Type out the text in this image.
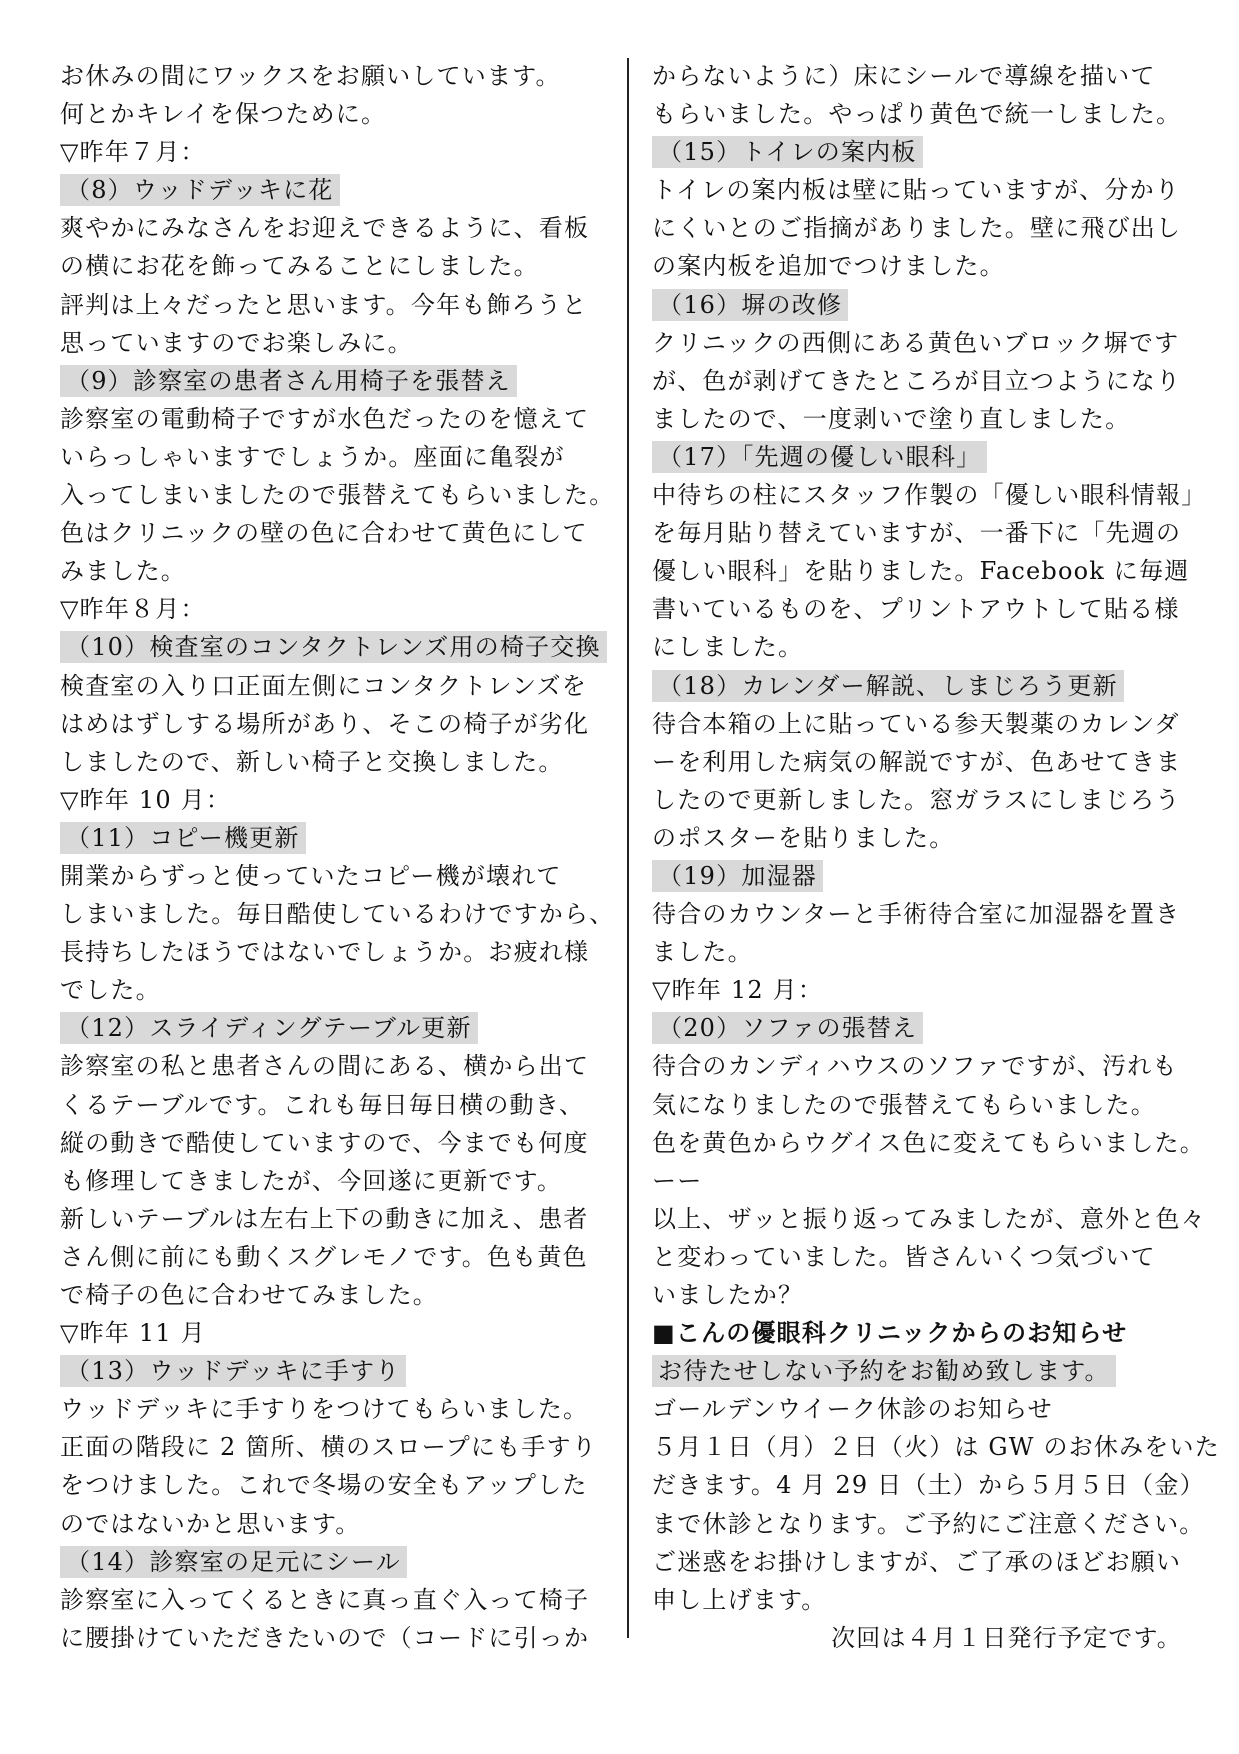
お休みの間にワックスをお願いしています。
何とかキレイを保つために。
▽昨年７月：
（8）ウッドデッキに花
爽やかにみなさんをお迎えできるように、看板
の横にお花を飾ってみることにしました。
評判は上々だったと思います。今年も飾ろうと
思っていますのでお楽しみに。
（9）診察室の患者さん用椅子を張替え
診察室の電動椅子ですが水色だったのを憶えて
いらっしゃいますでしょうか。座面に亀裂が
入ってしまいましたので張替えてもらいました。
色はクリニックの壁の色に合わせて黄色にして
みました。
▽昨年８月：
（10）検査室のコンタクトレンズ用の椅子交換
検査室の入り口正面左側にコンタクトレンズを
はめはずしする場所があり、そこの椅子が劣化
しましたので、新しい椅子と交換しました。
▽昨年 10 月：
（11）コピー機更新
開業からずっと使っていたコピー機が壊れて
しまいました。毎日酷使しているわけですから、
長持ちしたほうではないでしょうか。お疲れ様
でした。
（12）スライディングテーブル更新
診察室の私と患者さんの間にある、横から出て
くるテーブルです。これも毎日毎日横の動き、
縦の動きで酷使していますので、今までも何度
も修理してきましたが、今回遂に更新です。
新しいテーブルは左右上下の動きに加え、患者
さん側に前にも動くスグレモノです。色も黄色
で椅子の色に合わせてみました。
▽昨年 11 月
（13）ウッドデッキに手すり
ウッドデッキに手すりをつけてもらいました。
正面の階段に 2 箇所、横のスロープにも手すり
をつけました。これで冬場の安全もアップした
のではないかと思います。
（14）診察室の足元にシール
診察室に入ってくるときに真っ直ぐ入って椅子
に腰掛けていただきたいので（コードに引っか
からないように）床にシールで導線を描いて
もらいました。やっぱり黄色で統一しました。
（15）トイレの案内板
トイレの案内板は壁に貼っていますが、分かり
にくいとのご指摘がありました。壁に飛び出し
の案内板を追加でつけました。
（16）塀の改修
クリニックの西側にある黄色いブロック塀です
が、色が剥げてきたところが目立つようになり
ましたので、一度剥いで塗り直しました。
（17）「先週の優しい眼科」
中待ちの柱にスタッフ作製の「優しい眼科情報」
を毎月貼り替えていますが、一番下に「先週の
優しい眼科」を貼りました。Facebook に毎週
書いているものを、プリントアウトして貼る様
にしました。
（18）カレンダー解説、しまじろう更新
待合本箱の上に貼っている参天製薬のカレンダ
ーを利用した病気の解説ですが、色あせてきま
したので更新しました。窓ガラスにしまじろう
のポスターを貼りました。
（19）加湿器
待合のカウンターと手術待合室に加湿器を置き
ました。
▽昨年 12 月：
（20）ソファの張替え
待合のカンディハウスのソファですが、汚れも
気になりましたので張替えてもらいました。
色を黄色からウグイス色に変えてもらいました。
ーー
以上、ザッと振り返ってみましたが、意外と色々
と変わっていました。皆さんいくつ気づいて
いましたか？
■こんの優眼科クリニックからのお知らせ
お待たせしない予約をお勧め致します。
ゴールデンウイーク休診のお知らせ
５月１日（月）２日（火）は GW のお休みをいた
だきます。4 月 29 日（土）から５月５日（金）
まで休診となります。ご予約にご注意ください。
ご迷惑をお掛けしますが、ご了承のほどお願い
申し上げます。
次回は４月１日発行予定です。
